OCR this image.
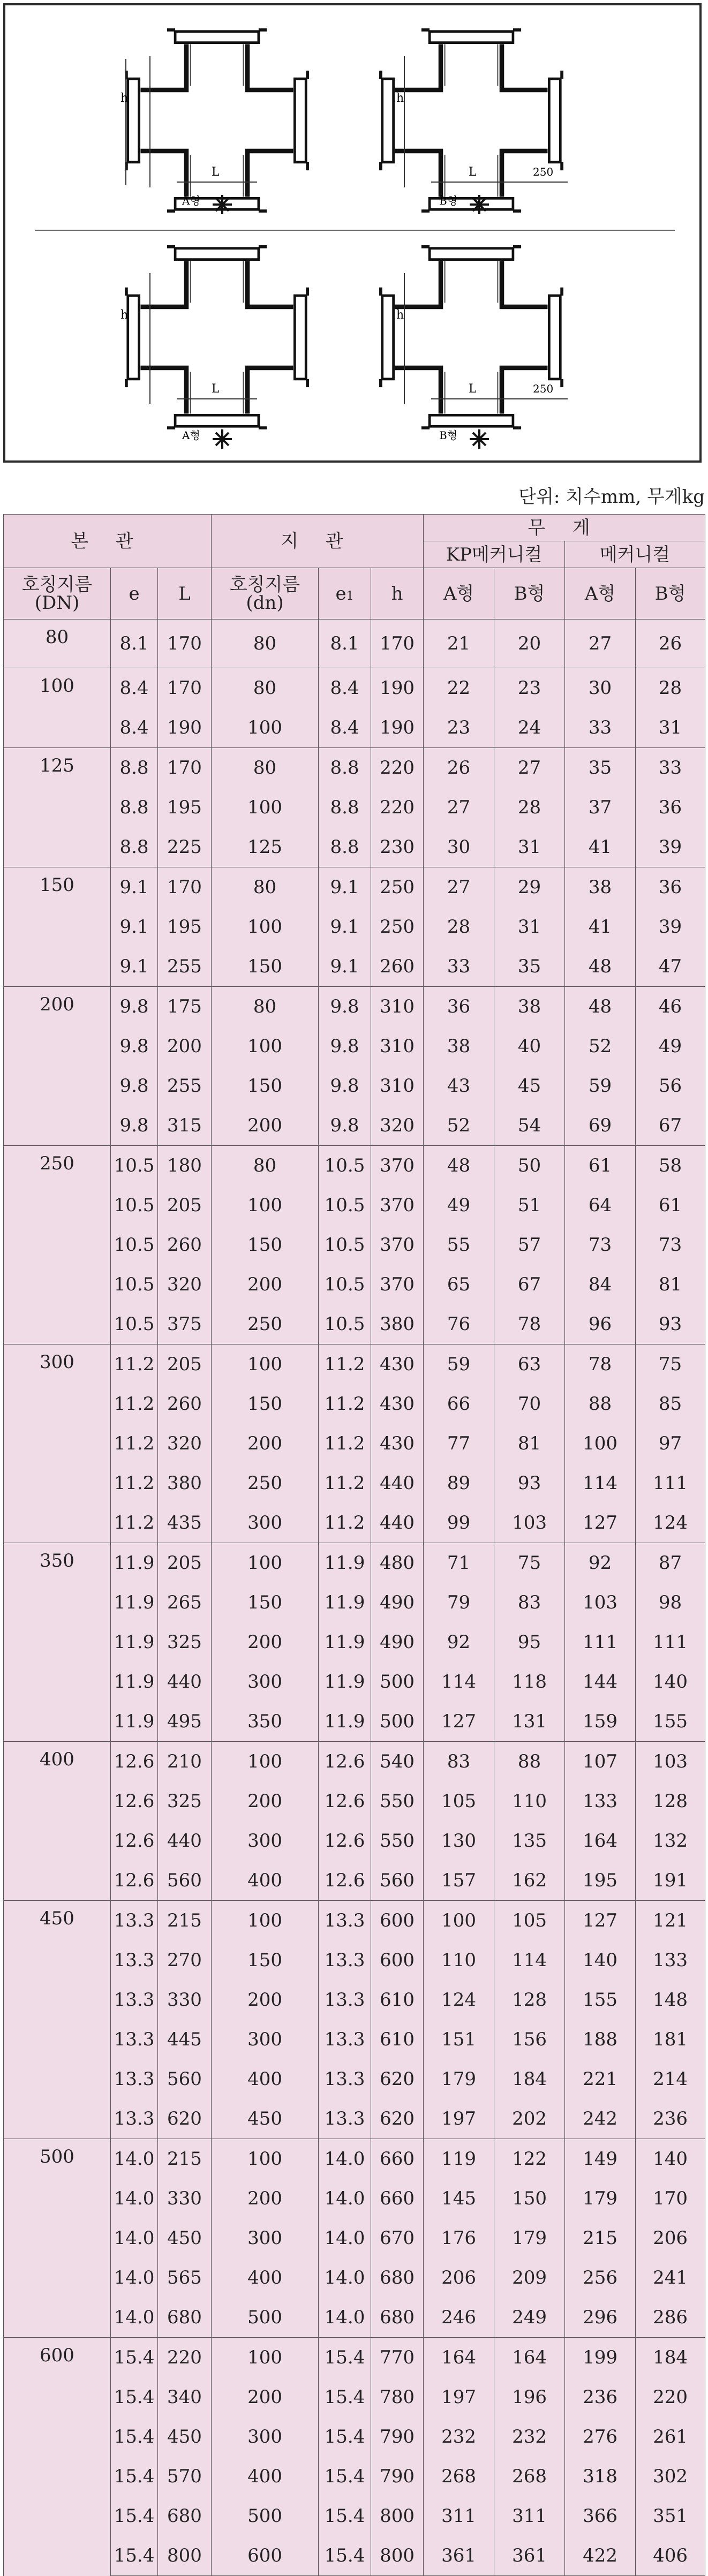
h
L
A형
h
L	250
B형
h
L
A형
h
L	250
B형
단위: 치수mm, 무게kg
본 관			지 관			무 게			
						KP메커니컬		메커니컬	
호칭지름
(DN)	e	L	호칭지름
(dn)	e1	h	A형	B형	A형	B형
80	8.1	170	80	8.1	170	21	20	27	26
100	8.4	170	80	8.4	190	22	23	30	28
	8.4	190	100	8.4	190	23	24	33	31
125	8.8	170	80	8.8	220	26	27	35	33
	8.8	195	100	8.8	220	27	28	37	36
	8.8	225	125	8.8	230	30	31	41	39
150	9.1	170	80	9.1	250	27	29	38	36
	9.1	195	100	9.1	250	28	31	41	39
	9.1	255	150	9.1	260	33	35	48	47
200	9.8	175	80	9.8	310	36	38	48	46
	9.8	200	100	9.8	310	38	40	52	49
	9.8	255	150	9.8	310	43	45	59	56
	9.8	315	200	9.8	320	52	54	69	67
250	10.5	180	80	10.5	370	48	50	61	58
	10.5	205	100	10.5	370	49	51	64	61
	10.5	260	150	10.5	370	55	57	73	73
	10.5	320	200	10.5	370	65	67	84	81
	10.5	375	250	10.5	380	76	78	96	93
300	11.2	205	100	11.2	430	59	63	78	75
	11.2	260	150	11.2	430	66	70	88	85
	11.2	320	200	11.2	430	77	81	100	97
	11.2	380	250	11.2	440	89	93	114	111
	11.2	435	300	11.2	440	99	103	127	124
350	11.9	205	100	11.9	480	71	75	92	87
	11.9	265	150	11.9	490	79	83	103	98
	11.9	325	200	11.9	490	92	95	111	111
	11.9	440	300	11.9	500	114	118	144	140
	11.9	495	350	11.9	500	127	131	159	155
400	12.6	210	100	12.6	540	83	88	107	103
	12.6	325	200	12.6	550	105	110	133	128
	12.6	440	300	12.6	550	130	135	164	132
	12.6	560	400	12.6	560	157	162	195	191
450	13.3	215	100	13.3	600	100	105	127	121
	13.3	270	150	13.3	600	110	114	140	133
	13.3	330	200	13.3	610	124	128	155	148
	13.3	445	300	13.3	610	151	156	188	181
	13.3	560	400	13.3	620	179	184	221	214
	13.3	620	450	13.3	620	197	202	242	236
500	14.0	215	100	14.0	660	119	122	149	140
	14.0	330	200	14.0	660	145	150	179	170
	14.0	450	300	14.0	670	176	179	215	206
	14.0	565	400	14.0	680	206	209	256	241
	14.0	680	500	14.0	680	246	249	296	286
600	15.4	220	100	15.4	770	164	164	199	184
	15.4	340	200	15.4	780	197	196	236	220
	15.4	450	300	15.4	790	232	232	276	261
	15.4	570	400	15.4	790	268	268	318	302
	15.4	680	500	15.4	800	311	311	366	351
	15.4	800	600	15.4	800	361	361	422	406
